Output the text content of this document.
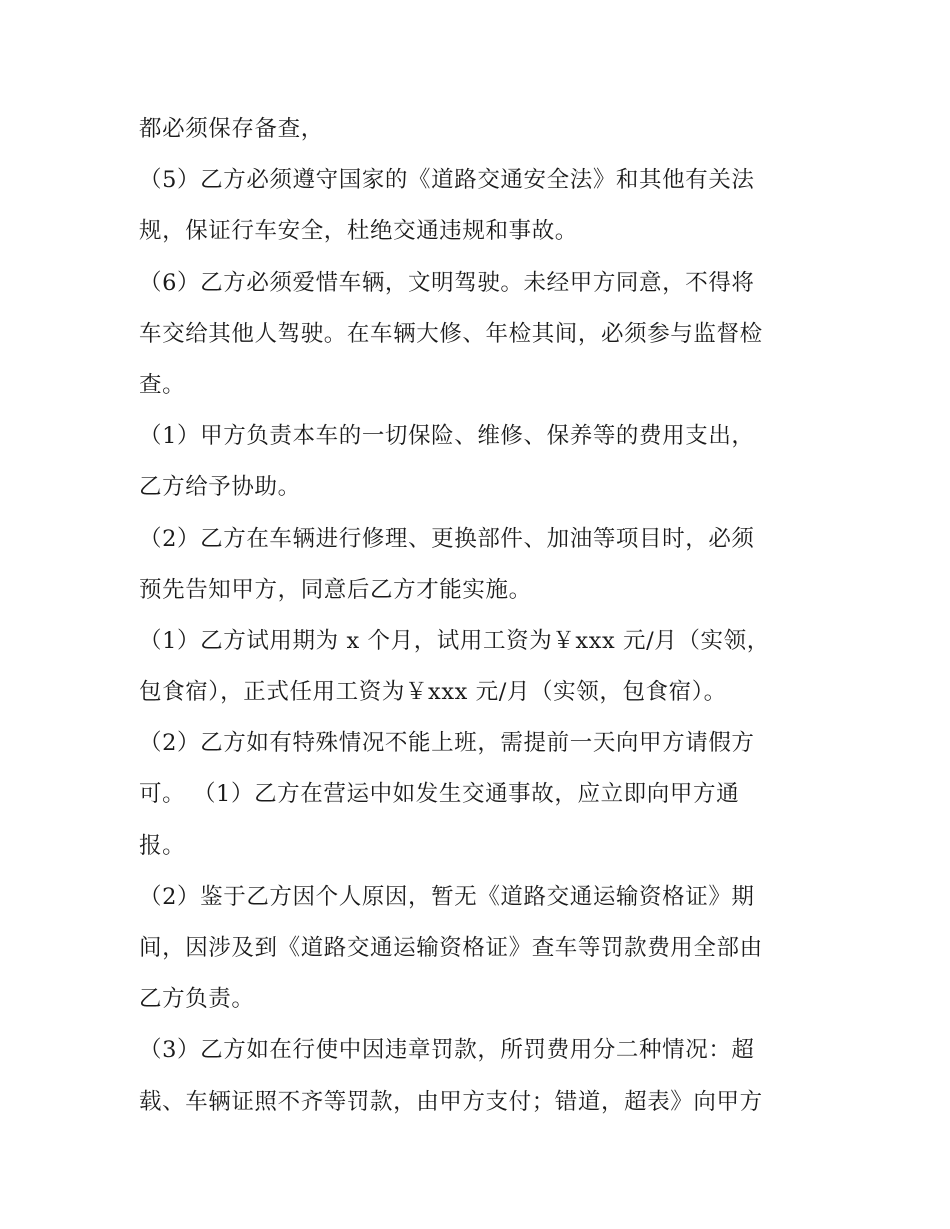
都必须保存备查，
（5）乙方必须遵守国家的《道路交通安全法》和其他有关法
规，保证行车安全，杜绝交通违规和事故。
（6）乙方必须爱惜车辆，文明驾驶。未经甲方同意，不得将
车交给其他人驾驶。在车辆大修、年检其间，必须参与监督检
查。
（1）甲方负责本车的一切保险、维修、保养等的费用支出，
乙方给予协助。
（2）乙方在车辆进行修理、更换部件、加油等项目时，必须
预先告知甲方，同意后乙方才能实施。
（1）乙方试用期为 x 个月，试用工资为￥xxx 元/月（实领，
包食宿），正式任用工资为￥xxx 元/月（实领，包食宿）。
（2）乙方如有特殊情况不能上班，需提前一天向甲方请假方
可。 （1）乙方在营运中如发生交通事故，应立即向甲方通
报。
（2）鉴于乙方因个人原因，暂无《道路交通运输资格证》期
间，因涉及到《道路交通运输资格证》查车等罚款费用全部由
乙方负责。
（3）乙方如在行使中因违章罚款，所罚费用分二种情况：超
载、车辆证照不齐等罚款，由甲方支付；错道，超表》向甲方
